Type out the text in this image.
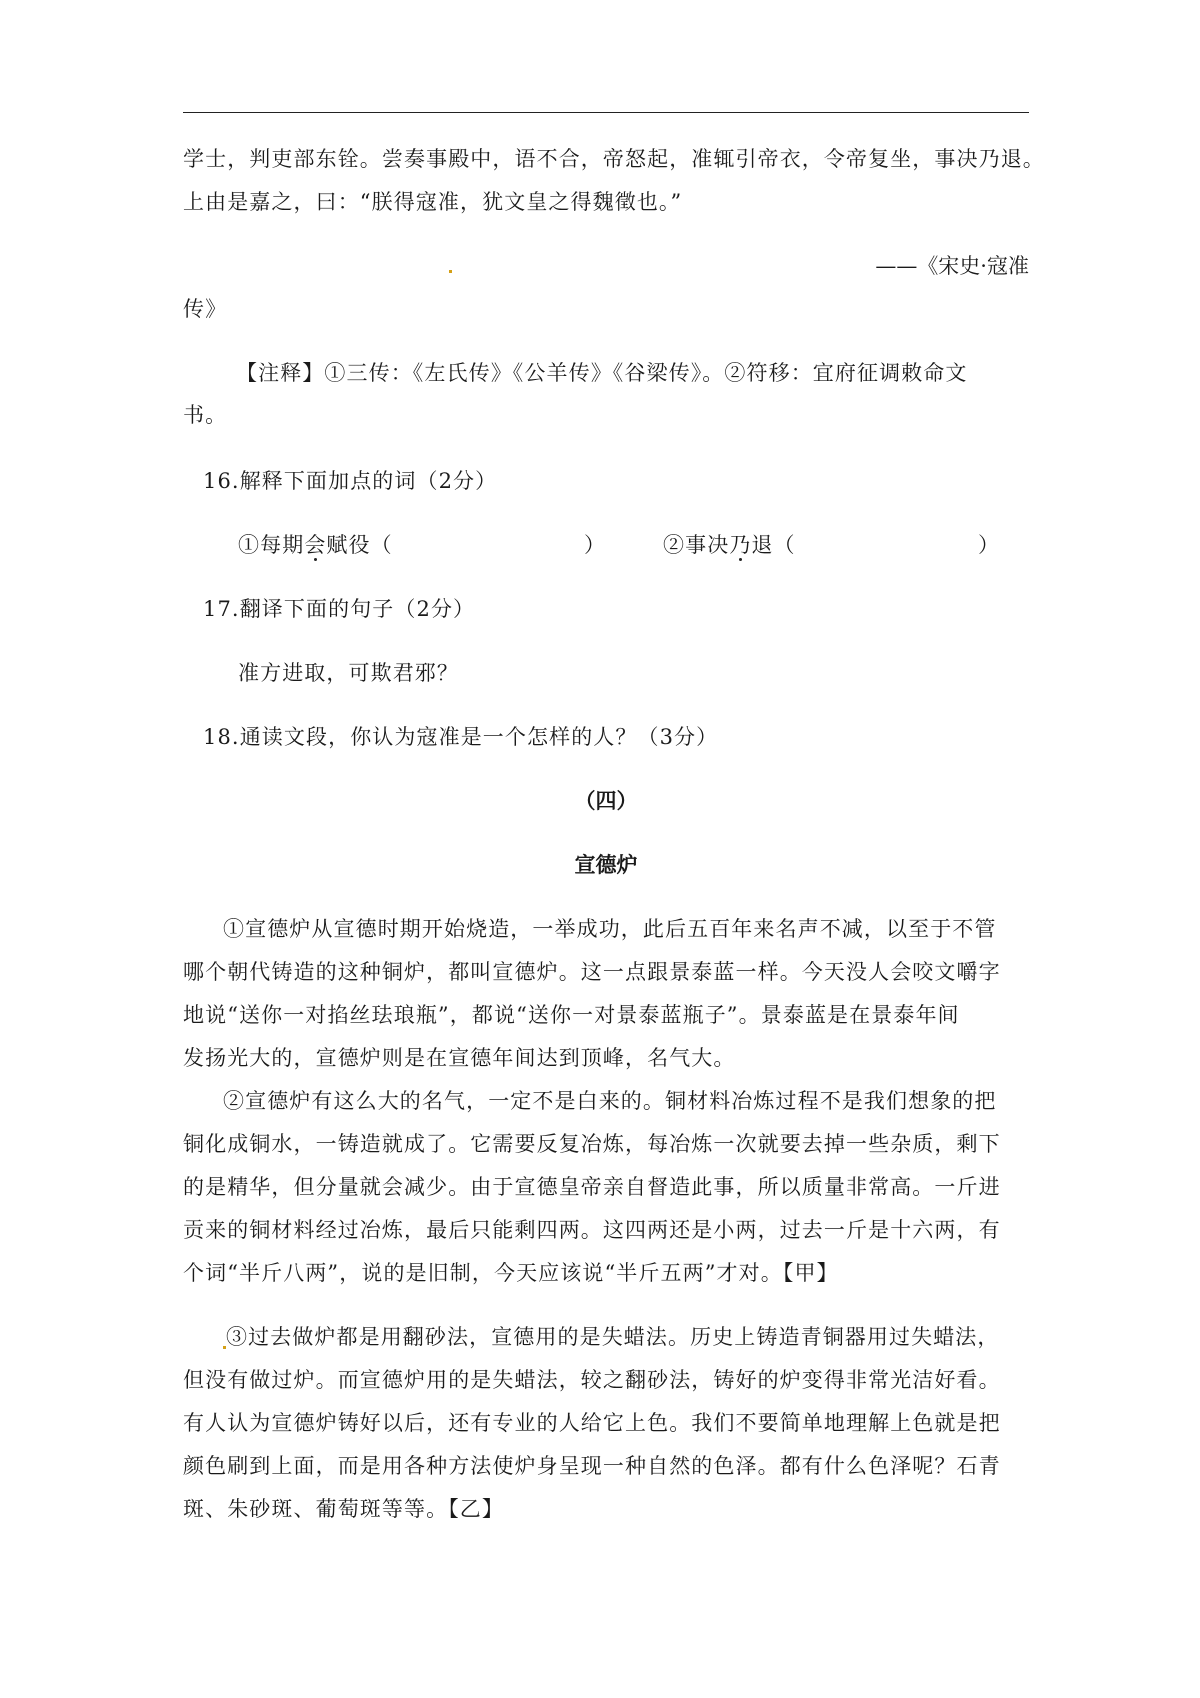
学士，判吏部东铨。尝奏事殿中，语不合，帝怒起，准辄引帝衣，令帝复坐，事决乃退。
上由是嘉之，曰：“朕得寇准，犹文皇之得魏徵也。”
——《宋史·寇准
传》
【注释】①三传：《左氏传》《公羊传》《谷梁传》。②符移：宜府征调敕命文
书。
16.解释下面加点的词（2分）
①每期会赋役（	）	②事决乃退（	）
17.翻译下面的句子（2分）
准方进取，可欺君邪？
18.通读文段，你认为寇准是一个怎样的人？（3分）
（四）
宣德炉
①宣德炉从宣德时期开始烧造，一举成功，此后五百年来名声不减，以至于不管
哪个朝代铸造的这种铜炉，都叫宣德炉。这一点跟景泰蓝一样。今天没人会咬文嚼字
地说“送你一对掐丝珐琅瓶”，都说“送你一对景泰蓝瓶子”。景泰蓝是在景泰年间
发扬光大的，宣德炉则是在宣德年间达到顶峰，名气大。
②宣德炉有这么大的名气，一定不是白来的。铜材料冶炼过程不是我们想象的把
铜化成铜水，一铸造就成了。它需要反复冶炼，每冶炼一次就要去掉一些杂质，剩下
的是精华，但分量就会减少。由于宣德皇帝亲自督造此事，所以质量非常高。一斤进
贡来的铜材料经过冶炼，最后只能剩四两。这四两还是小两，过去一斤是十六两，有
个词“半斤八两”，说的是旧制，今天应该说“半斤五两”才对。【甲】
③过去做炉都是用翻砂法，宣德用的是失蜡法。历史上铸造青铜器用过失蜡法，
但没有做过炉。而宣德炉用的是失蜡法，较之翻砂法，铸好的炉变得非常光洁好看。
有人认为宣德炉铸好以后，还有专业的人给它上色。我们不要简单地理解上色就是把
颜色刷到上面，而是用各种方法使炉身呈现一种自然的色泽。都有什么色泽呢？石青
斑、朱砂斑、葡萄斑等等。【乙】
